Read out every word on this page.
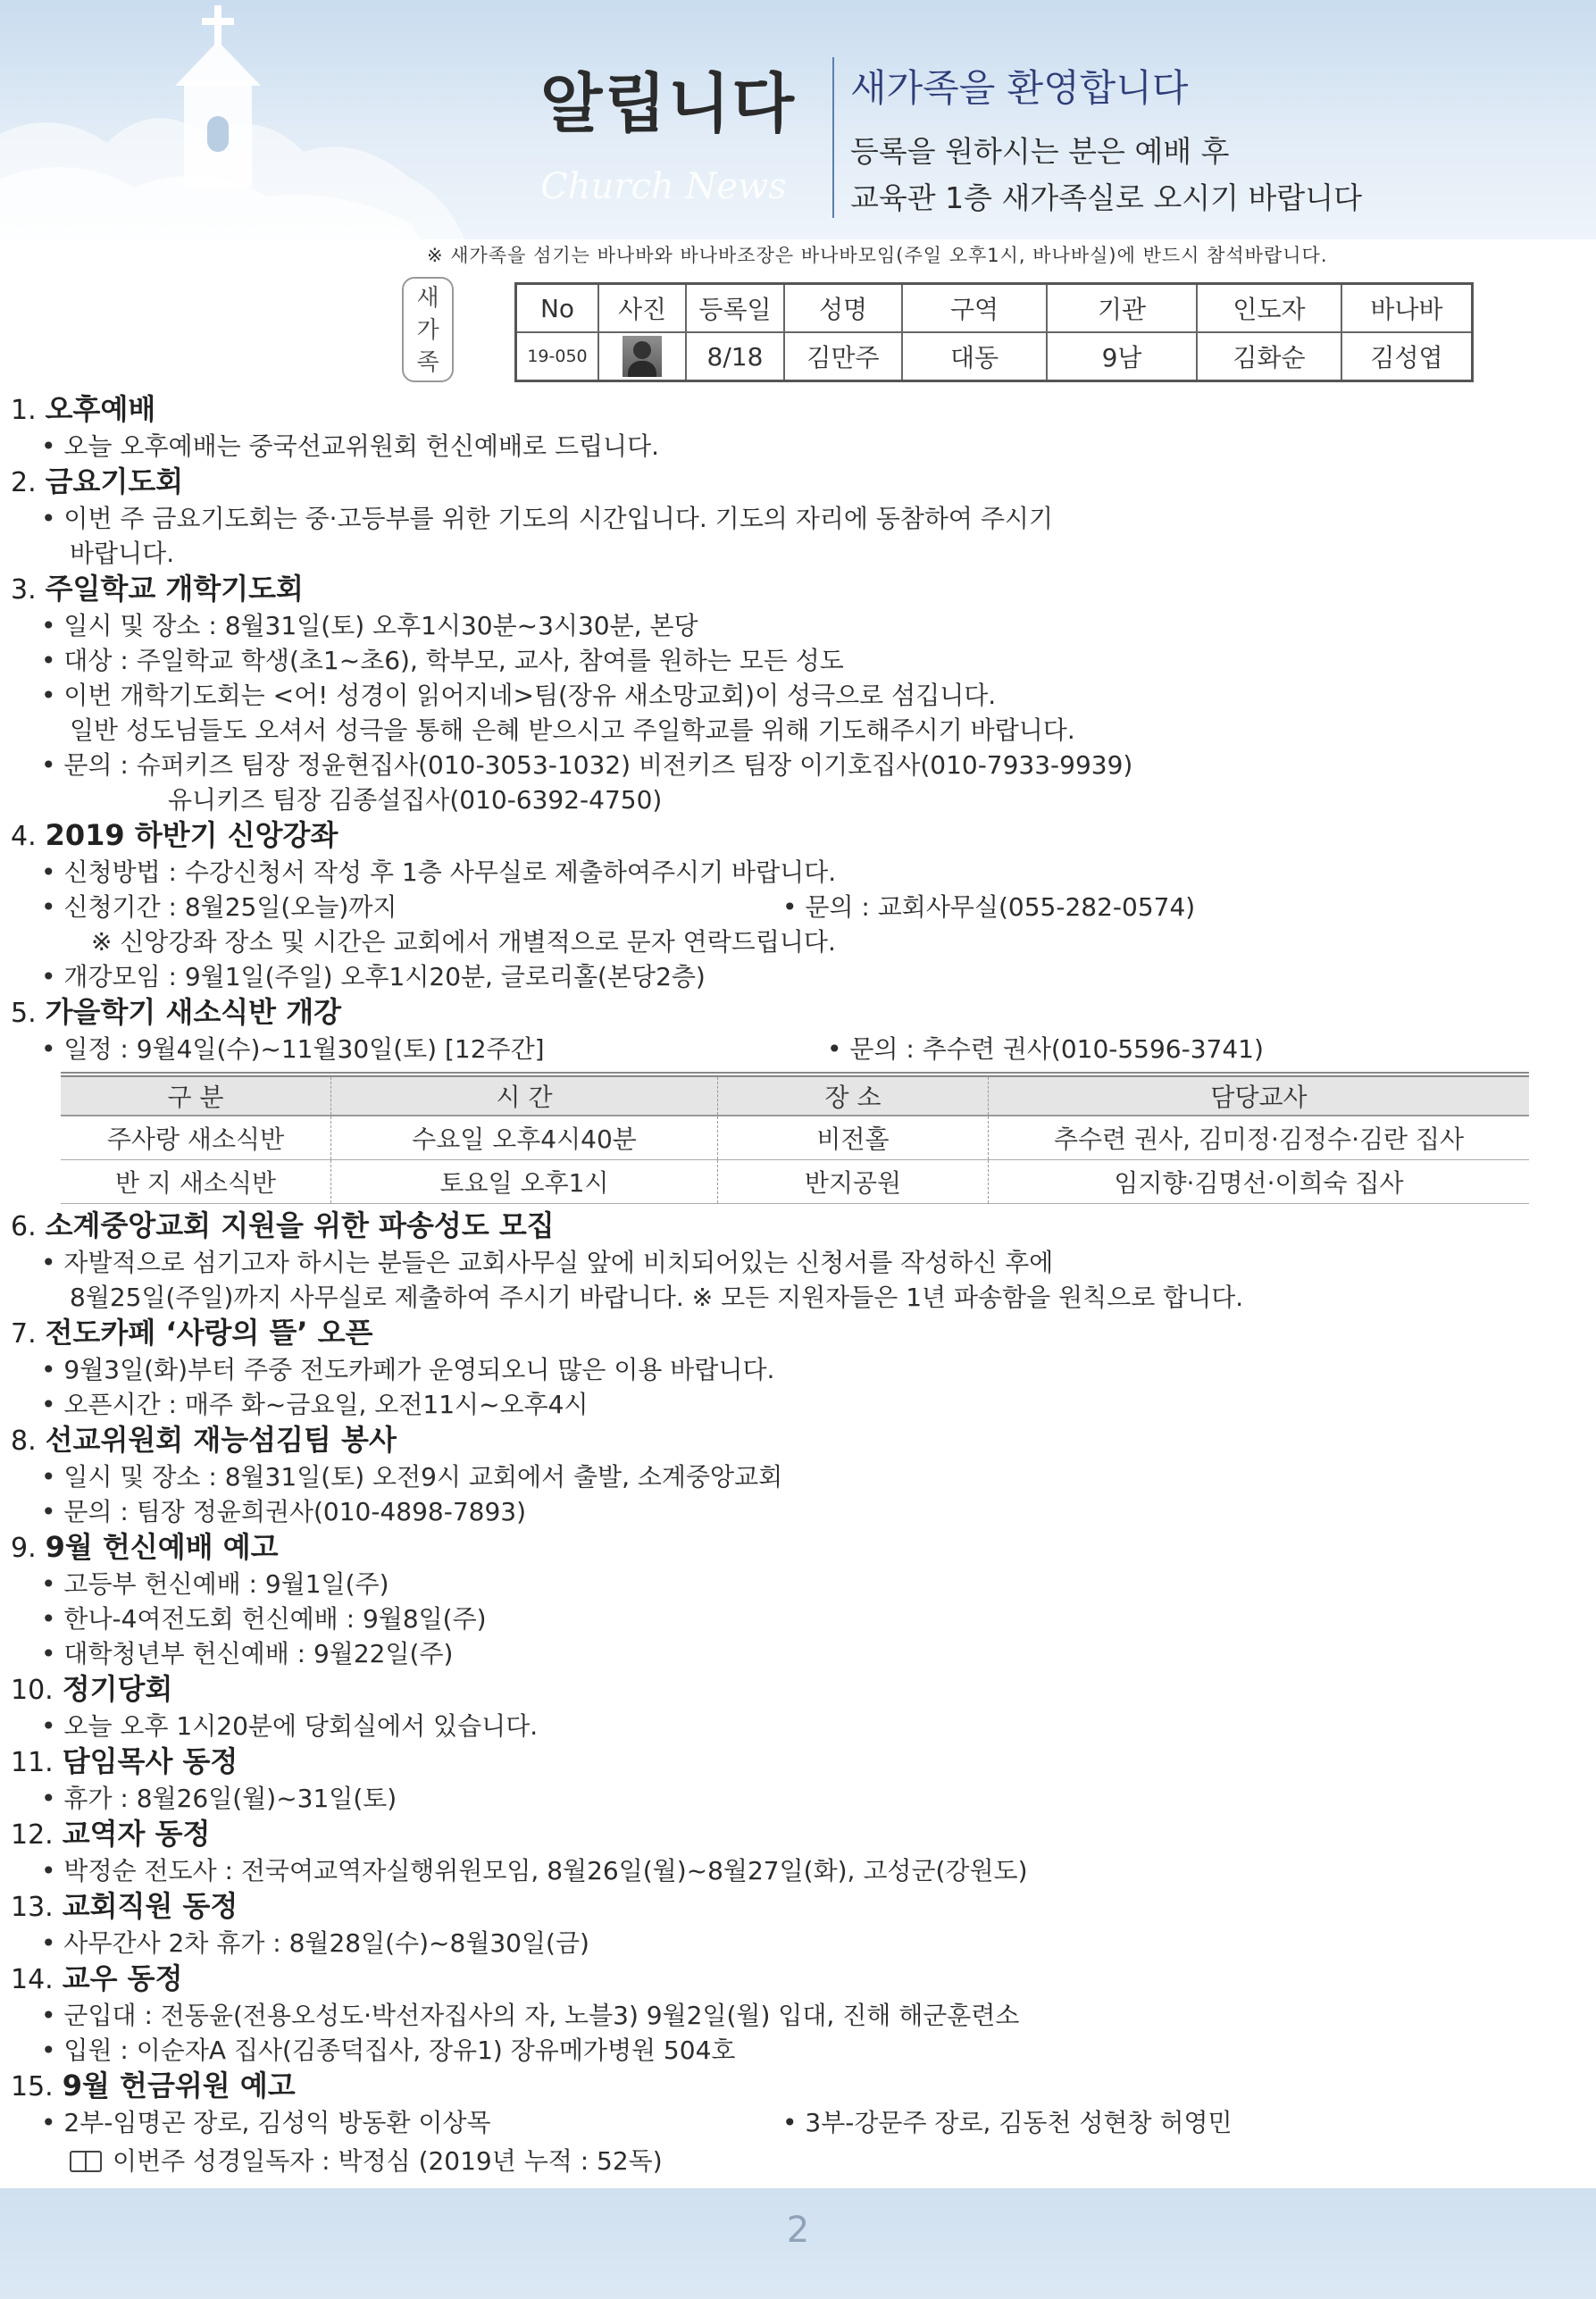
알립니다
Church News
새가족을 환영합니다
등록을 원하시는 분은 예배 후
교육관 1층 새가족실로 오시기 바랍니다
※ 새가족을 섬기는 바나바와 바나바조장은 바나바모임(주일 오후1시, 바나바실)에 반드시 참석바랍니다.
새
가
족
No	사진	등록일	성명	구역	기관	인도자	바나바
19-050		8/18	김만주	대동	9남	김화순	김성엽
1. 오후예배
• 오늘 오후예배는 중국선교위원회 헌신예배로 드립니다.
2. 금요기도회
• 이번 주 금요기도회는 중·고등부를 위한 기도의 시간입니다. 기도의 자리에 동참하여 주시기
바랍니다.
3. 주일학교 개학기도회
• 일시 및 장소 : 8월31일(토) 오후1시30분~3시30분, 본당
• 대상 : 주일학교 학생(초1~초6), 학부모, 교사, 참여를 원하는 모든 성도
• 이번 개학기도회는 <어! 성경이 읽어지네>팀(장유 새소망교회)이 성극으로 섬깁니다.
일반 성도님들도 오셔서 성극을 통해 은혜 받으시고 주일학교를 위해 기도해주시기 바랍니다.
• 문의 : 슈퍼키즈 팀장 정윤현집사(010-3053-1032) 비전키즈 팀장 이기호집사(010-7933-9939)
유니키즈 팀장 김종설집사(010-6392-4750)
4. 2019 하반기 신앙강좌
• 신청방법 : 수강신청서 작성 후 1층 사무실로 제출하여주시기 바랍니다.
• 신청기간 : 8월25일(오늘)까지	• 문의 : 교회사무실(055-282-0574)
※ 신앙강좌 장소 및 시간은 교회에서 개별적으로 문자 연락드립니다.
• 개강모임 : 9월1일(주일) 오후1시20분, 글로리홀(본당2층)
5. 가을학기 새소식반 개강
• 일정 : 9월4일(수)~11월30일(토) [12주간]	• 문의 : 추수련 권사(010-5596-3741)
구 분	시 간	장 소	담당교사
주사랑 새소식반	수요일 오후4시40분	비전홀	추수련 권사, 김미정·김정수·김란 집사
반 지 새소식반	토요일 오후1시	반지공원	임지향·김명선·이희숙 집사
6. 소계중앙교회 지원을 위한 파송성도 모집
• 자발적으로 섬기고자 하시는 분들은 교회사무실 앞에 비치되어있는 신청서를 작성하신 후에
8월25일(주일)까지 사무실로 제출하여 주시기 바랍니다. ※ 모든 지원자들은 1년 파송함을 원칙으로 합니다.
7. 전도카페 ‘사랑의 뜰’ 오픈
• 9월3일(화)부터 주중 전도카페가 운영되오니 많은 이용 바랍니다.
• 오픈시간 : 매주 화~금요일, 오전11시~오후4시
8. 선교위원회 재능섬김팀 봉사
• 일시 및 장소 : 8월31일(토) 오전9시 교회에서 출발, 소계중앙교회
• 문의 : 팀장 정윤희권사(010-4898-7893)
9. 9월 헌신예배 예고
• 고등부 헌신예배 : 9월1일(주)
• 한나-4여전도회 헌신예배 : 9월8일(주)
• 대학청년부 헌신예배 : 9월22일(주)
10. 정기당회
• 오늘 오후 1시20분에 당회실에서 있습니다.
11. 담임목사 동정
• 휴가 : 8월26일(월)~31일(토)
12. 교역자 동정
• 박정순 전도사 : 전국여교역자실행위원모임, 8월26일(월)~8월27일(화), 고성군(강원도)
13. 교회직원 동정
• 사무간사 2차 휴가 : 8월28일(수)~8월30일(금)
14. 교우 동정
• 군입대 : 전동윤(전용오성도·박선자집사의 자, 노블3) 9월2일(월) 입대, 진해 해군훈련소
• 입원 : 이순자A 집사(김종덕집사, 장유1) 장유메가병원 504호
15. 9월 헌금위원 예고
• 2부-임명곤 장로, 김성익 방동환 이상목	• 3부-강문주 장로, 김동천 성현창 허영민
이번주 성경일독자 : 박정심 (2019년 누적 : 52독)
2
